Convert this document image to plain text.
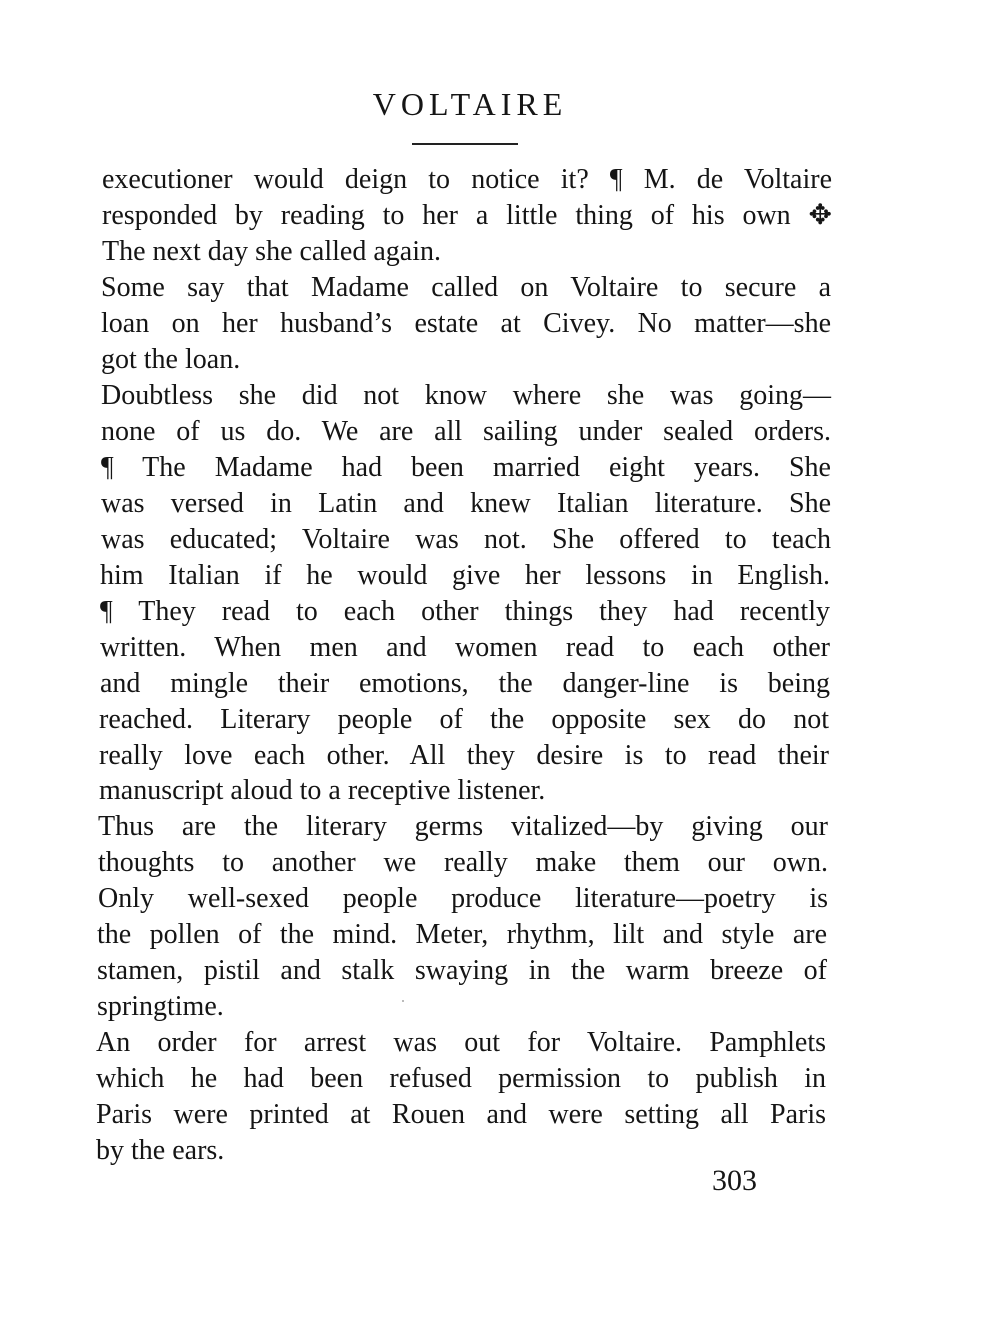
VOLTAIRE
executioner would deign to notice it? ¶ M. de Voltaire
responded by reading to her a little thing of his own ✥
The next day she called again.
Some say that Madame called on Voltaire to secure a
loan on her husband’s estate at Civey. No matter—she
got the loan.
Doubtless she did not know where she was going—
none of us do. We are all sailing under sealed orders.
¶ The Madame had been married eight years. She
was versed in Latin and knew Italian literature. She
was educated; Voltaire was not. She offered to teach
him Italian if he would give her lessons in English.
¶ They read to each other things they had recently
written. When men and women read to each other
and mingle their emotions, the danger-line is being
reached. Literary people of the opposite sex do not
really love each other. All they desire is to read their
manuscript aloud to a receptive listener.
Thus are the literary germs vitalized—by giving our
thoughts to another we really make them our own.
Only well-sexed people produce literature—poetry is
the pollen of the mind. Meter, rhythm, lilt and style are
stamen, pistil and stalk swaying in the warm breeze of
springtime.
An order for arrest was out for Voltaire. Pamphlets
which he had been refused permission to publish in
Paris were printed at Rouen and were setting all Paris
by the ears.
303
